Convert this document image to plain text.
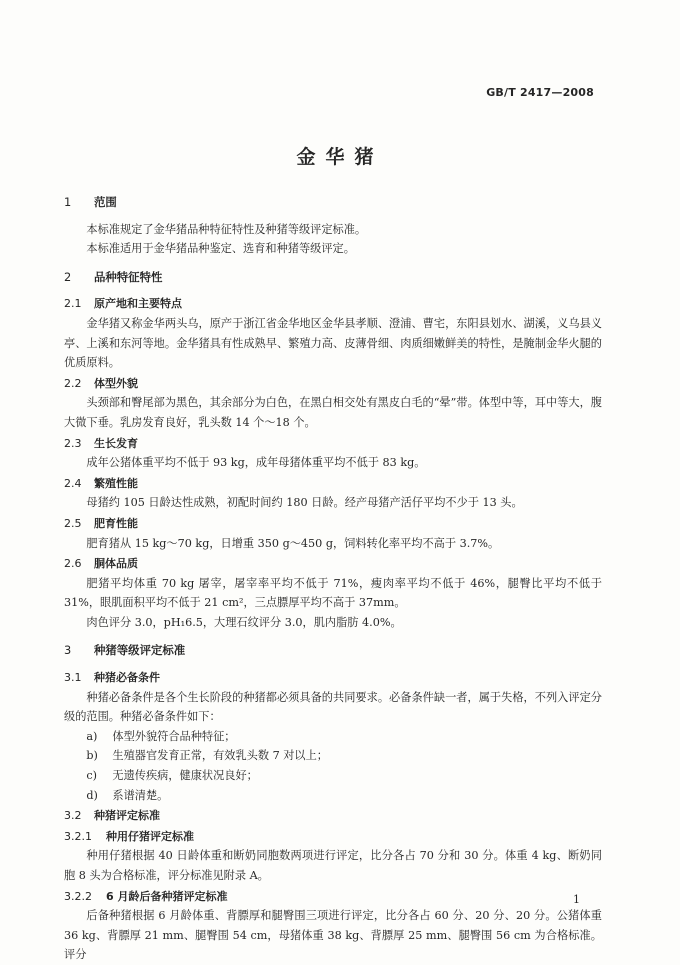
GB/T 2417—2008
金华猪
1 范围
本标准规定了金华猪品种特征特性及种猪等级评定标准。
本标准适用于金华猪品种鉴定、选育和种猪等级评定。
2 品种特征特性
2.1 原产地和主要特点
金华猪又称金华两头乌，原产于浙江省金华地区金华县孝顺、澄浦、曹宅，东阳县划水、湖溪，义乌县义亭、上溪和东河等地。金华猪具有性成熟早、繁殖力高、皮薄骨细、肉质细嫩鲜美的特性，是腌制金华火腿的优质原料。
2.2 体型外貌
头颈部和臀尾部为黑色，其余部分为白色，在黑白相交处有黑皮白毛的“晕”带。体型中等，耳中等大，腹大微下垂。乳房发育良好，乳头数 14 个～18 个。
2.3 生长发育
成年公猪体重平均不低于 93 kg，成年母猪体重平均不低于 83 kg。
2.4 繁殖性能
母猪约 105 日龄达性成熟，初配时间约 180 日龄。经产母猪产活仔平均不少于 13 头。
2.5 肥育性能
肥育猪从 15 kg～70 kg，日增重 350 g～450 g，饲料转化率平均不高于 3.7%。
2.6 胴体品质
肥猪平均体重 70 kg 屠宰，屠宰率平均不低于 71%，瘦肉率平均不低于 46%，腿臀比平均不低于 31%，眼肌面积平均不低于 21 cm²，三点膘厚平均不高于 37mm。
肉色评分 3.0，pH₁6.5，大理石纹评分 3.0，肌内脂肪 4.0%。
3 种猪等级评定标准
3.1 种猪必备条件
种猪必备条件是各个生长阶段的种猪都必须具备的共同要求。必备条件缺一者，属于失格，不列入评定分级的范围。种猪必备条件如下：
a) 体型外貌符合品种特征；
b) 生殖器官发育正常，有效乳头数 7 对以上；
c) 无遗传疾病，健康状况良好；
d) 系谱清楚。
3.2 种猪评定标准
3.2.1 种用仔猪评定标准
种用仔猪根据 40 日龄体重和断奶同胞数两项进行评定，比分各占 70 分和 30 分。体重 4 kg、断奶同胞 8 头为合格标准，评分标准见附录 A。
3.2.2 6 月龄后备种猪评定标准
后备种猪根据 6 月龄体重、背膘厚和腿臀围三项进行评定，比分各占 60 分、20 分、20 分。公猪体重 36 kg、背膘厚 21 mm、腿臀围 54 cm，母猪体重 38 kg、背膘厚 25 mm、腿臀围 56 cm 为合格标准。评分
1
